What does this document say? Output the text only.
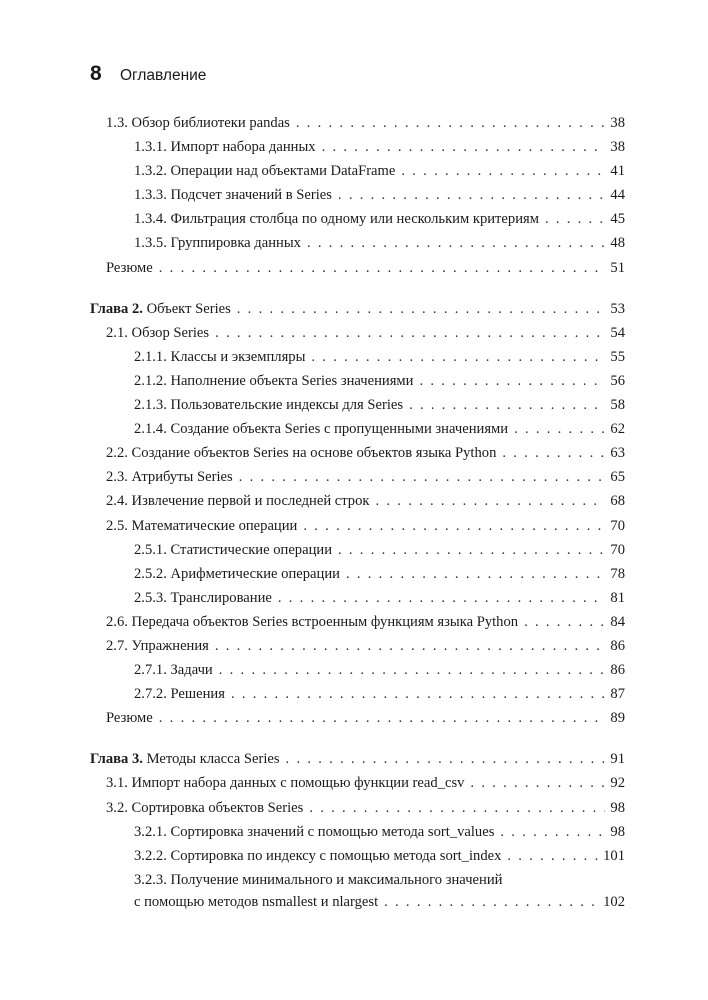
8	Оглавление
1.3. Обзор библиотеки pandas . . .	38
1.3.1. Импорт набора данных . . .	38
1.3.2. Операции над объектами DataFrame . . .	41
1.3.3. Подсчет значений в Series . . .	44
1.3.4. Фильтрация столбца по одному или нескольким критериям . . .	45
1.3.5. Группировка данных . . .	48
Резюме . . .	51
Глава 2. Объект Series . . .	53
2.1. Обзор Series . . .	54
2.1.1. Классы и экземпляры . . .	55
2.1.2. Наполнение объекта Series значениями . . .	56
2.1.3. Пользовательские индексы для Series . . .	58
2.1.4. Создание объекта Series с пропущенными значениями . . .	62
2.2. Создание объектов Series на основе объектов языка Python . . .	63
2.3. Атрибуты Series . . .	65
2.4. Извлечение первой и последней строк . . .	68
2.5. Математические операции . . .	70
2.5.1. Статистические операции . . .	70
2.5.2. Арифметические операции . . .	78
2.5.3. Транслирование . . .	81
2.6. Передача объектов Series встроенным функциям языка Python . . .	84
2.7. Упражнения . . .	86
2.7.1. Задачи . . .	86
2.7.2. Решения . . .	87
Резюме . . .	89
Глава 3. Методы класса Series . . .	91
3.1. Импорт набора данных с помощью функции read_csv . . .	92
3.2. Сортировка объектов Series . . .	98
3.2.1. Сортировка значений с помощью метода sort_values . . .	98
3.2.2. Сортировка по индексу с помощью метода sort_index . . .	101
3.2.3. Получение минимального и максимального значений
с помощью методов nsmallest и nlargest . . .	102
